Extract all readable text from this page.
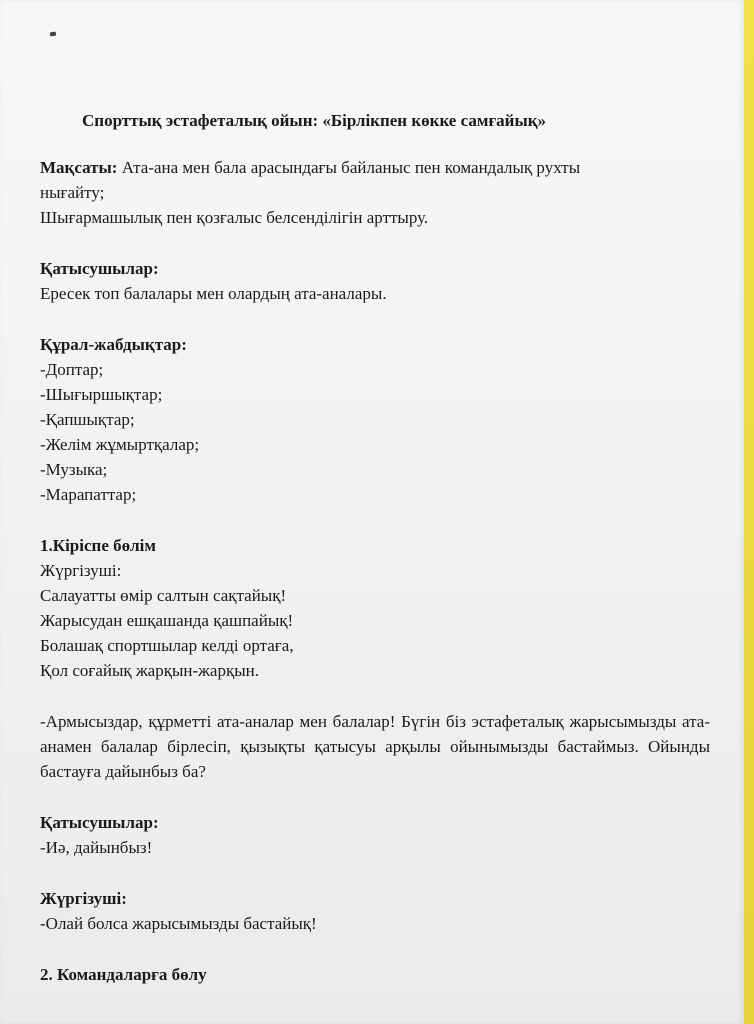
Спорттық эстафеталық ойын: «Бірлікпен көкке самғайық»

Мақсаты: Ата-ана мен бала арасындағы байланыс пен командалық рухты

нығайту;

Шығармашылық пен қозғалыс белсенділігін арттыру.

Қатысушылар:

Ересек топ балалары мен олардың ата-аналары.

Құрал-жабдықтар:

-Доптар;

-Шығыршықтар;

-Қапшықтар;

-Желім жұмыртқалар;

-Музыка;

-Марапаттар;

1.Кіріспе бөлім

Жүргізуші:

Салауатты өмір салтын сақтайық!

Жарысудан ешқашанда қашпайық!

Болашақ спортшылар келді ортаға,

Қол соғайық жарқын-жарқын.

-Армысыздар, құрметті ата-аналар мен балалар! Бүгін біз эстафеталық жарысымызды ата-анамен балалар бірлесіп, қызықты қатысуы арқылы ойынымызды бастаймыз. Ойынды бастауға дайынбыз ба?

Қатысушылар:

-Иә, дайынбыз!

Жүргізуші:

-Олай болса жарысымызды бастайық!

2. Командаларға бөлу
